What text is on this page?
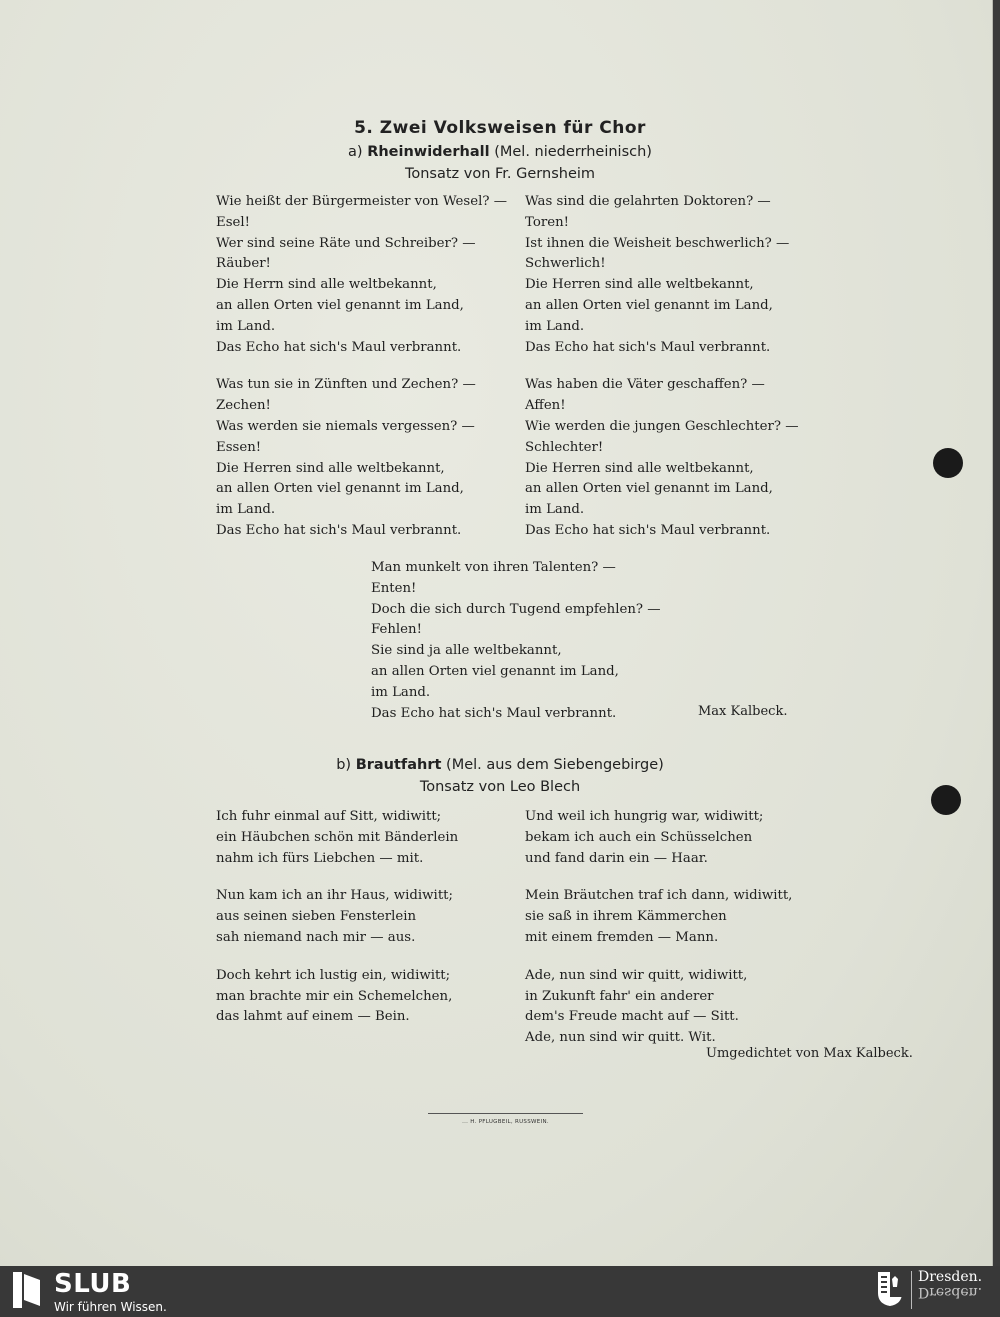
5. Zwei Volksweisen für Chor
a) Rheinwiderhall (Mel. niederrheinisch)
Tonsatz von Fr. Gernsheim
Wie heißt der Bürgermeister von Wesel? —
Esel!
Wer sind seine Räte und Schreiber? —
Räuber!
Die Herrn sind alle weltbekannt,
an allen Orten viel genannt im Land,
im Land.
Das Echo hat sich's Maul verbrannt.
Was tun sie in Zünften und Zechen? —
Zechen!
Was werden sie niemals vergessen? —
Essen!
Die Herren sind alle weltbekannt,
an allen Orten viel genannt im Land,
im Land.
Das Echo hat sich's Maul verbrannt.
Was sind die gelahrten Doktoren? —
Toren!
Ist ihnen die Weisheit beschwerlich? —
Schwerlich!
Die Herren sind alle weltbekannt,
an allen Orten viel genannt im Land,
im Land.
Das Echo hat sich's Maul verbrannt.
Was haben die Väter geschaffen? —
Affen!
Wie werden die jungen Geschlechter? —
Schlechter!
Die Herren sind alle weltbekannt,
an allen Orten viel genannt im Land,
im Land.
Das Echo hat sich's Maul verbrannt.
Man munkelt von ihren Talenten? —
Enten!
Doch die sich durch Tugend empfehlen? —
Fehlen!
Sie sind ja alle weltbekannt,
an allen Orten viel genannt im Land,
im Land.
Das Echo hat sich's Maul verbrannt.	Max Kalbeck.
b) Brautfahrt (Mel. aus dem Siebengebirge)
Tonsatz von Leo Blech
Ich fuhr einmal auf Sitt, widiwitt;
ein Häubchen schön mit Bänderlein
nahm ich fürs Liebchen — mit.
Nun kam ich an ihr Haus, widiwitt;
aus seinen sieben Fensterlein
sah niemand nach mir — aus.
Doch kehrt ich lustig ein, widiwitt;
man brachte mir ein Schemelchen,
das lahmt auf einem — Bein.
Und weil ich hungrig war, widiwitt;
bekam ich auch ein Schüsselchen
und fand darin ein — Haar.
Mein Bräutchen traf ich dann, widiwitt,
sie saß in ihrem Kämmerchen
mit einem fremden — Mann.
Ade, nun sind wir quitt, widiwitt,
in Zukunft fahr' ein anderer
dem's Freude macht auf — Sitt.
Ade, nun sind wir quitt. Wit.
Umgedichtet von Max Kalbeck.
... H. PFLUGBEIL, RUSSWEIN.
SLUB
Wir führen Wissen.
Dresden.
Dresden.
